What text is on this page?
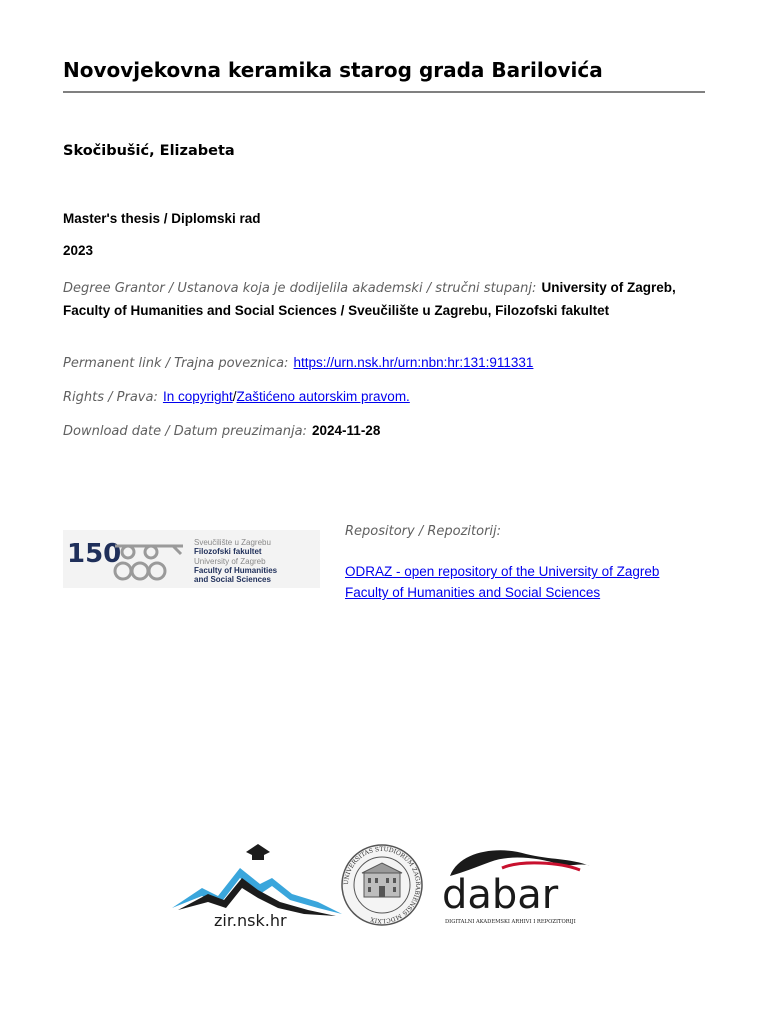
Novovjekovna keramika starog grada Barilovića
Skočibušić, Elizabeta
Master's thesis / Diplomski rad
2023
Degree Grantor / Ustanova koja je dodijelila akademski / stručni stupanj: University of Zagreb, Faculty of Humanities and Social Sciences / Sveučilište u Zagrebu, Filozofski fakultet
Permanent link / Trajna poveznica: https://urn.nsk.hr/urn:nbn:hr:131:911331
Rights / Prava: In copyright/Zaštićeno autorskim pravom.
Download date / Datum preuzimanja: 2024-11-28
150	Sveučilište u Zagrebu
Filozofski fakultet
University of Zagreb
Faculty of Humanities
and Social Sciences
Repository / Repozitorij:
ODRAZ - open repository of the University of Zagreb Faculty of Humanities and Social Sciences
zir.nsk.hr
UNIVERSITAS STUDIORUM ZAGRABIENSIS MDCLXIX
dabar
DIGITALNI AKADEMSKI ARHIVI I REPOZITORIJI
